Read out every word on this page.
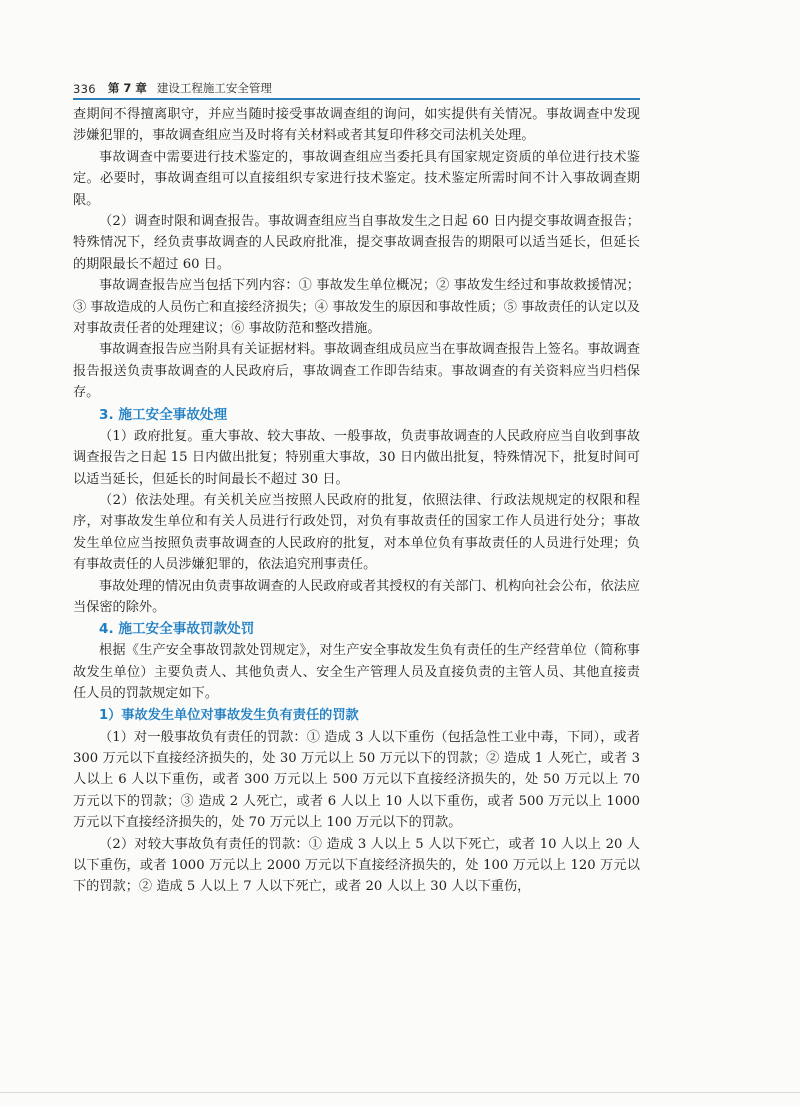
336 第 7 章 建设工程施工安全管理

查期间不得擅离职守，并应当随时接受事故调查组的询问，如实提供有关情况。事故调查中发现涉嫌犯罪的，事故调查组应当及时将有关材料或者其复印件移交司法机关处理。

事故调查中需要进行技术鉴定的，事故调查组应当委托具有国家规定资质的单位进行技术鉴定。必要时，事故调查组可以直接组织专家进行技术鉴定。技术鉴定所需时间不计入事故调查期限。

（2）调查时限和调查报告。事故调查组应当自事故发生之日起 60 日内提交事故调查报告；特殊情况下，经负责事故调查的人民政府批准，提交事故调查报告的期限可以适当延长，但延长的期限最长不超过 60 日。

事故调查报告应当包括下列内容：① 事故发生单位概况；② 事故发生经过和事故救援情况；③ 事故造成的人员伤亡和直接经济损失；④ 事故发生的原因和事故性质；⑤ 事故责任的认定以及对事故责任者的处理建议；⑥ 事故防范和整改措施。

事故调查报告应当附具有关证据材料。事故调查组成员应当在事故调查报告上签名。事故调查报告报送负责事故调查的人民政府后，事故调查工作即告结束。事故调查的有关资料应当归档保存。

3. 施工安全事故处理

（1）政府批复。重大事故、较大事故、一般事故，负责事故调查的人民政府应当自收到事故调查报告之日起 15 日内做出批复；特别重大事故，30 日内做出批复，特殊情况下，批复时间可以适当延长，但延长的时间最长不超过 30 日。

（2）依法处理。有关机关应当按照人民政府的批复，依照法律、行政法规规定的权限和程序，对事故发生单位和有关人员进行行政处罚，对负有事故责任的国家工作人员进行处分；事故发生单位应当按照负责事故调查的人民政府的批复，对本单位负有事故责任的人员进行处理；负有事故责任的人员涉嫌犯罪的，依法追究刑事责任。

事故处理的情况由负责事故调查的人民政府或者其授权的有关部门、机构向社会公布，依法应当保密的除外。

4. 施工安全事故罚款处罚

根据《生产安全事故罚款处罚规定》，对生产安全事故发生负有责任的生产经营单位（简称事故发生单位）主要负责人、其他负责人、安全生产管理人员及直接负责的主管人员、其他直接责任人员的罚款规定如下。

1）事故发生单位对事故发生负有责任的罚款

（1）对一般事故负有责任的罚款：① 造成 3 人以下重伤（包括急性工业中毒，下同），或者 300 万元以下直接经济损失的，处 30 万元以上 50 万元以下的罚款；② 造成 1 人死亡，或者 3 人以上 6 人以下重伤，或者 300 万元以上 500 万元以下直接经济损失的，处 50 万元以上 70 万元以下的罚款；③ 造成 2 人死亡，或者 6 人以上 10 人以下重伤，或者 500 万元以上 1000 万元以下直接经济损失的，处 70 万元以上 100 万元以下的罚款。

（2）对较大事故负有责任的罚款：① 造成 3 人以上 5 人以下死亡，或者 10 人以上 20 人以下重伤，或者 1000 万元以上 2000 万元以下直接经济损失的，处 100 万元以上 120 万元以下的罚款；② 造成 5 人以上 7 人以下死亡，或者 20 人以上 30 人以下重伤，
